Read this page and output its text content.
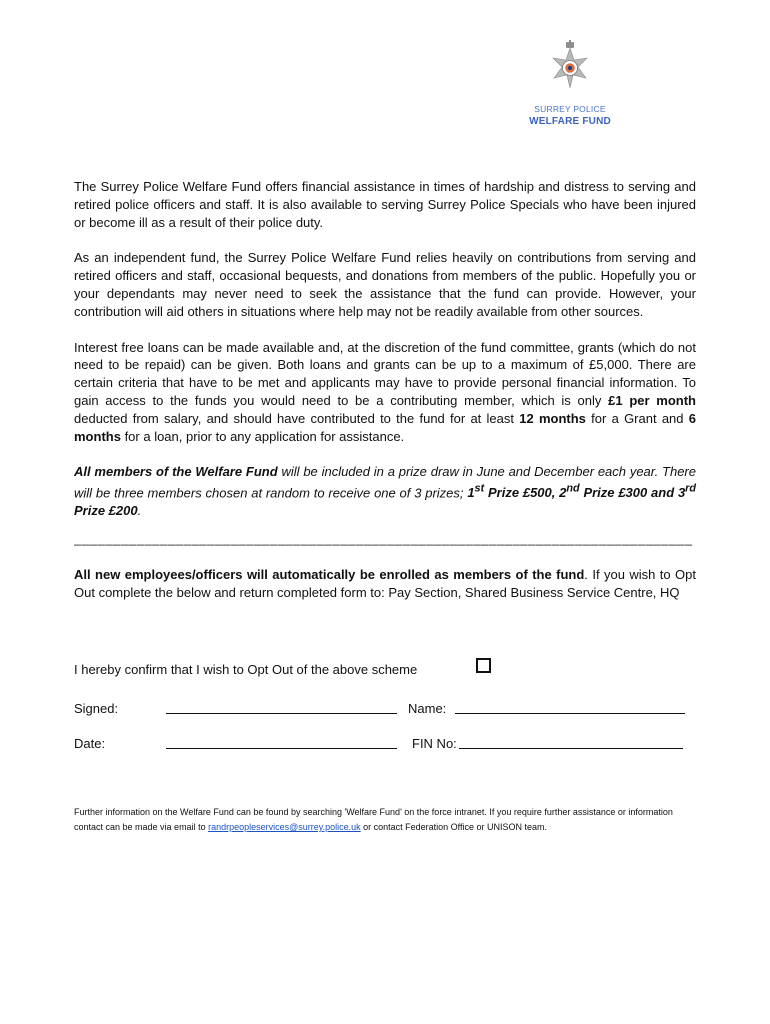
SURREY POLICE
WELFARE FUND

The Surrey Police Welfare Fund offers financial assistance in times of hardship and distress to serving and retired police officers and staff. It is also available to serving Surrey Police Specials who have been injured or become ill as a result of their police duty.

As an independent fund, the Surrey Police Welfare Fund relies heavily on contributions from serving and retired officers and staff, occasional bequests, and donations from members of the public. Hopefully you or your dependants may never need to seek the assistance that the fund can provide. However, your contribution will aid others in situations where help may not be readily available from other sources.

Interest free loans can be made available and, at the discretion of the fund committee, grants (which do not need to be repaid) can be given. Both loans and grants can be up to a maximum of £5,000. There are certain criteria that have to be met and applicants may have to provide personal financial information. To gain access to the funds you would need to be a contributing member, which is only £1 per month deducted from salary, and should have contributed to the fund for at least 12 months for a Grant and 6 months for a loan, prior to any application for assistance.

All members of the Welfare Fund will be included in a prize draw in June and December each year. There will be three members chosen at random to receive one of 3 prizes; 1st Prize £500, 2nd Prize £300 and 3rd Prize £200.

_______________________________________________________________________________

All new employees/officers will automatically be enrolled as members of the fund. If you wish to Opt Out complete the below and return completed form to: Pay Section, Shared Business Service Centre, HQ

I hereby confirm that I wish to Opt Out of the above scheme
Signed:	Name:
Date:	FIN No:
Further information on the Welfare Fund can be found by searching 'Welfare Fund' on the force intranet. If you require further assistance or information contact can be made via email to randrpeopleservices@surrey.police.uk or contact Federation Office or UNISON team.
